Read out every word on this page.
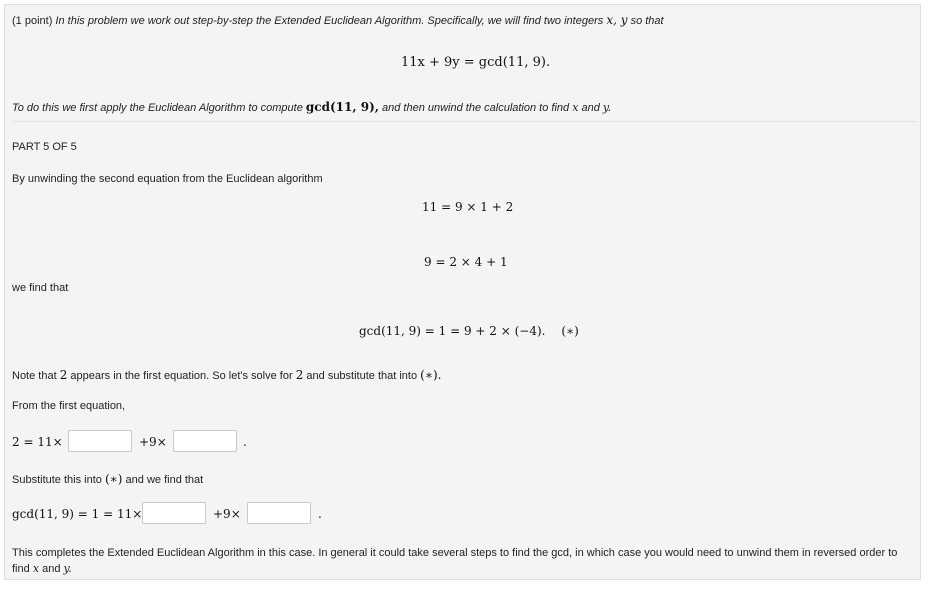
(1 point) In this problem we work out step-by-step the Extended Euclidean Algorithm. Specifically, we will find two integers x, y so that
11x + 9y = gcd(11, 9).
To do this we first apply the Euclidean Algorithm to compute gcd(11, 9), and then unwind the calculation to find x and y.
PART 5 OF 5
By unwinding the second equation from the Euclidean algorithm
11 = 9 × 1 + 2
9 = 2 × 4 + 1
we find that
gcd(11, 9) = 1 = 9 + 2 × (−4). (∗)
Note that 2 appears in the first equation. So let's solve for 2 and substitute that into (∗).
From the first equation,
2 = 11×	+9×	.
Substitute this into (∗) and we find that
gcd(11, 9) = 1 = 11×	+9×	.
This completes the Extended Euclidean Algorithm in this case. In general it could take several steps to find the gcd, in which case you would need to unwind them in reversed order to find x and y.
